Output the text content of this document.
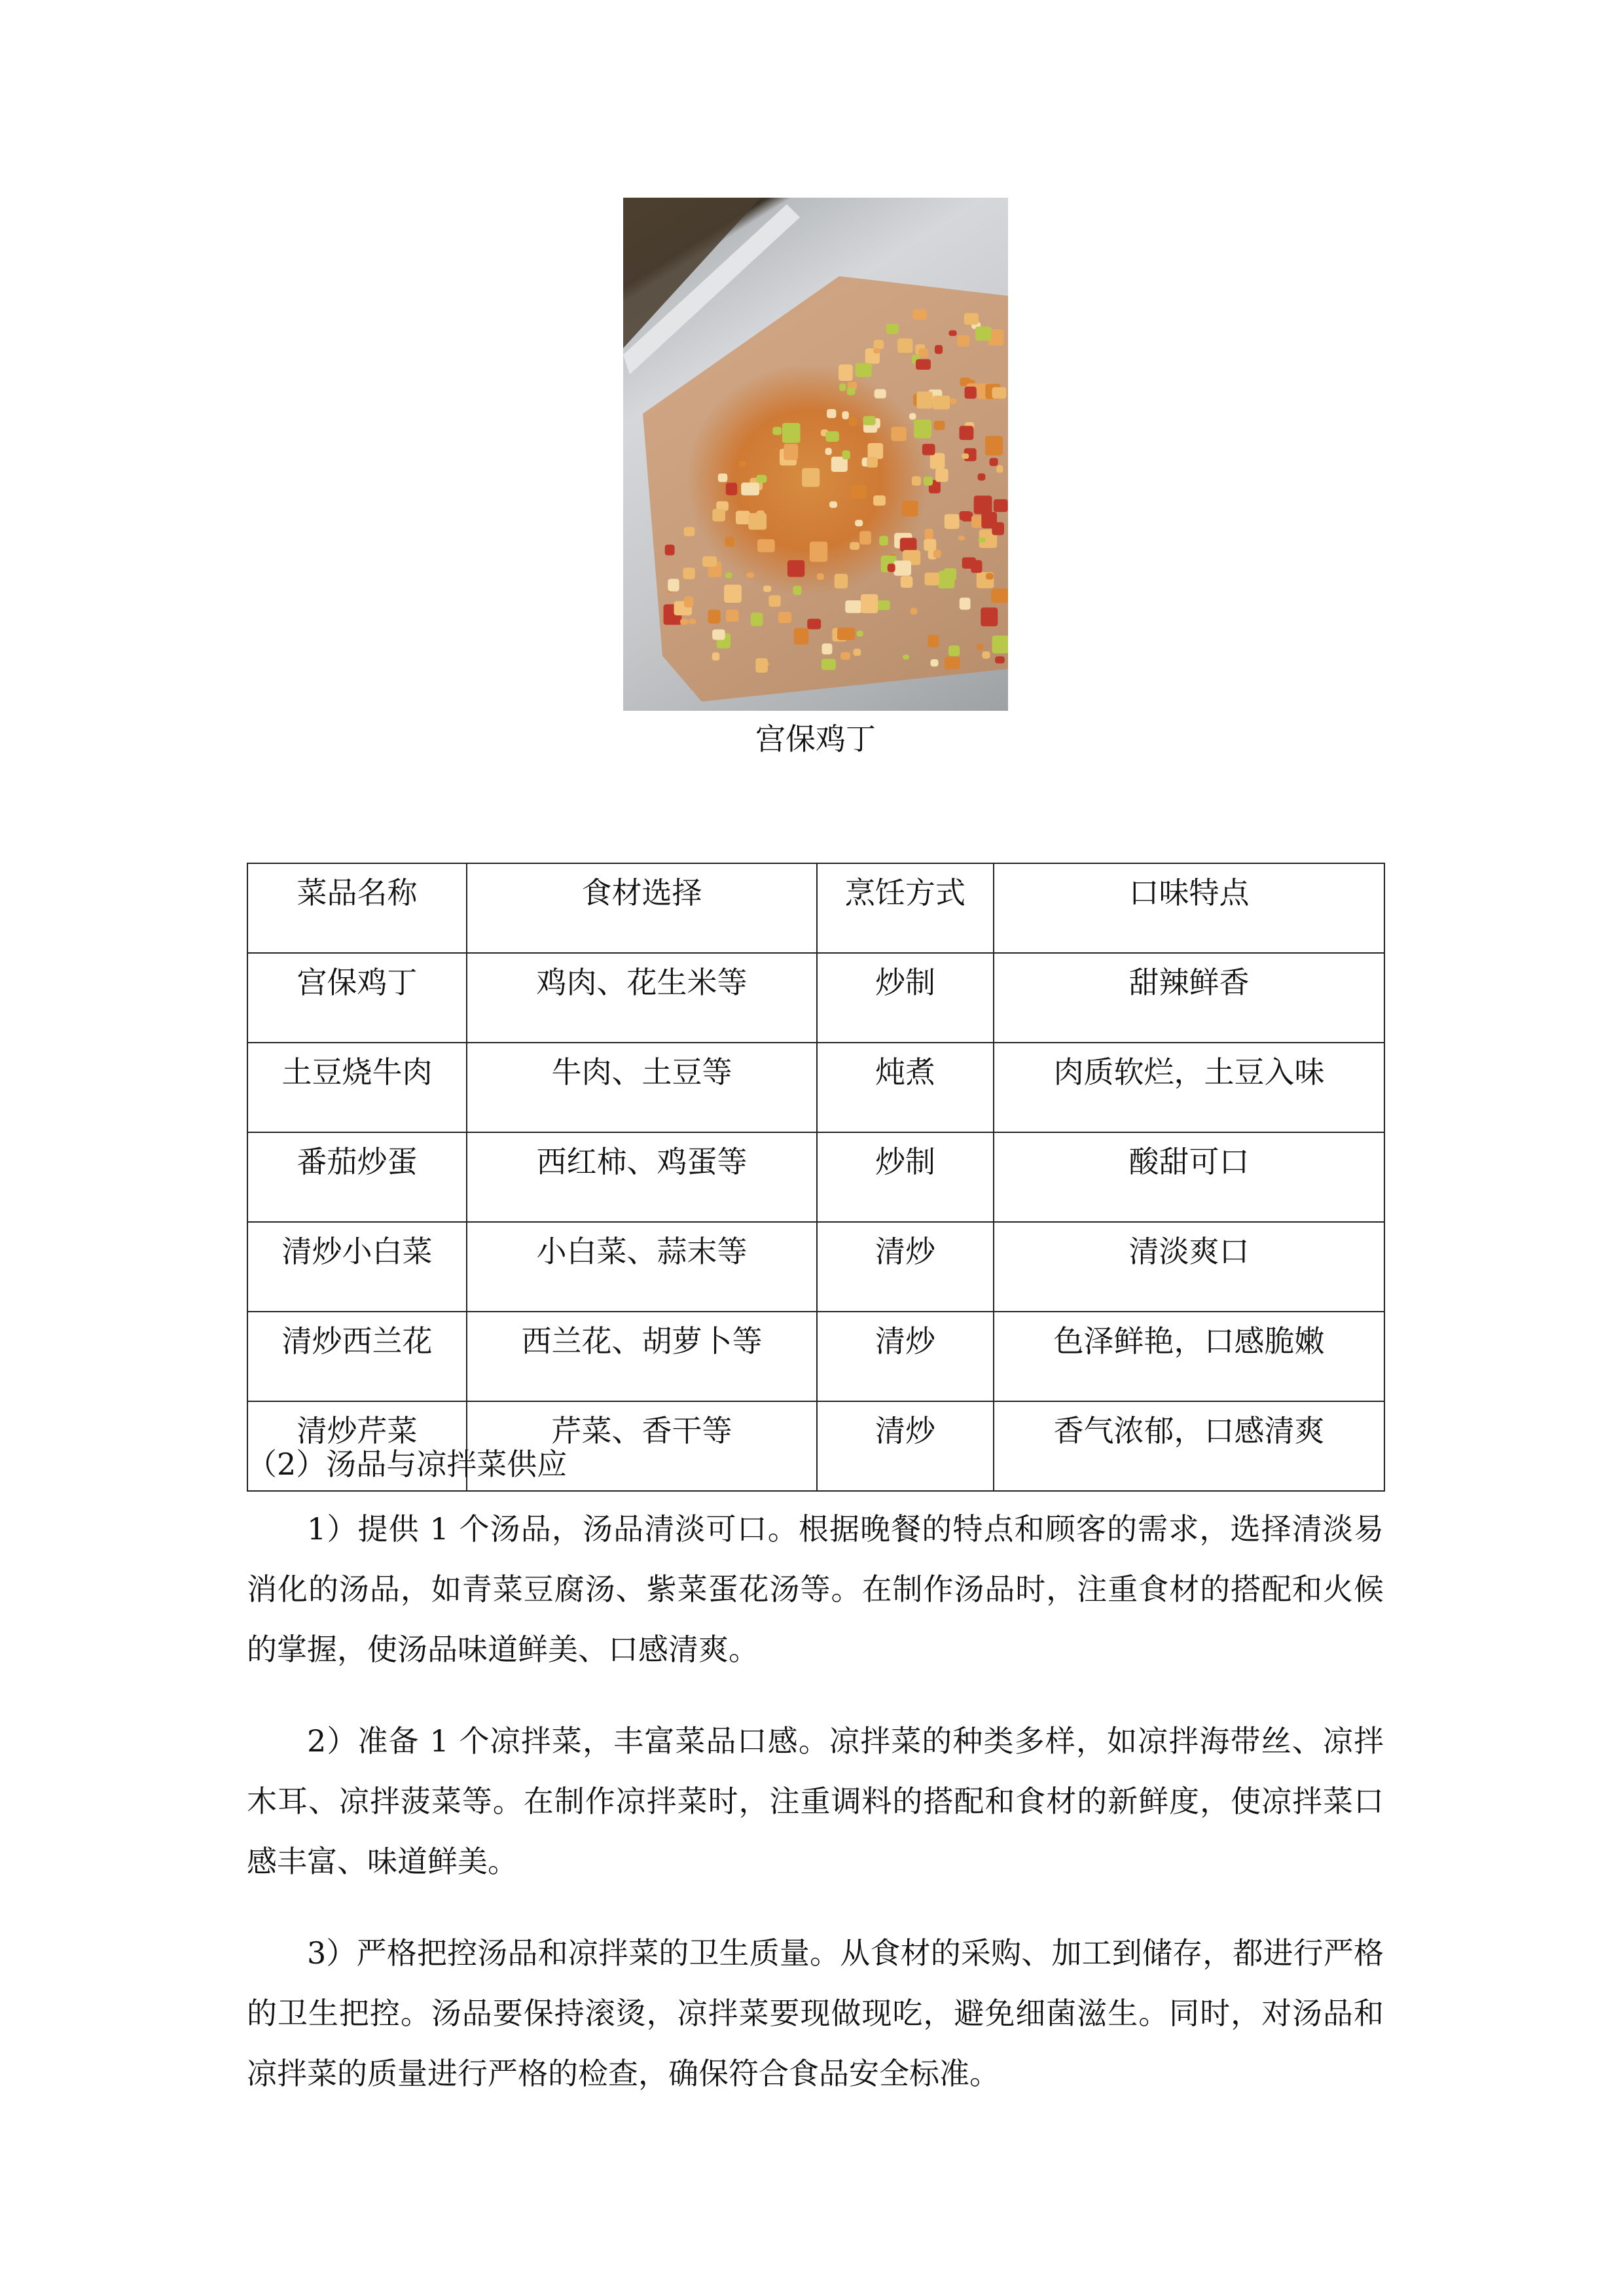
宫保鸡丁
菜品名称	食材选择	烹饪方式	口味特点
宫保鸡丁	鸡肉、花生米等	炒制	甜辣鲜香
土豆烧牛肉	牛肉、土豆等	炖煮	肉质软烂，土豆入味
番茄炒蛋	西红柿、鸡蛋等	炒制	酸甜可口
清炒小白菜	小白菜、蒜末等	清炒	清淡爽口
清炒西兰花	西兰花、胡萝卜等	清炒	色泽鲜艳，口感脆嫩
清炒芹菜	芹菜、香干等	清炒	香气浓郁，口感清爽
（2）汤品与凉拌菜供应
1）提供 1 个汤品，汤品清淡可口。根据晚餐的特点和顾客的需求，选择清淡易消化的汤品，如青菜豆腐汤、紫菜蛋花汤等。在制作汤品时，注重食材的搭配和火候的掌握，使汤品味道鲜美、口感清爽。
2）准备 1 个凉拌菜，丰富菜品口感。凉拌菜的种类多样，如凉拌海带丝、凉拌木耳、凉拌菠菜等。在制作凉拌菜时，注重调料的搭配和食材的新鲜度，使凉拌菜口感丰富、味道鲜美。
3）严格把控汤品和凉拌菜的卫生质量。从食材的采购、加工到储存，都进行严格的卫生把控。汤品要保持滚烫，凉拌菜要现做现吃，避免细菌滋生。同时，对汤品和凉拌菜的质量进行严格的检查，确保符合食品安全标准。
